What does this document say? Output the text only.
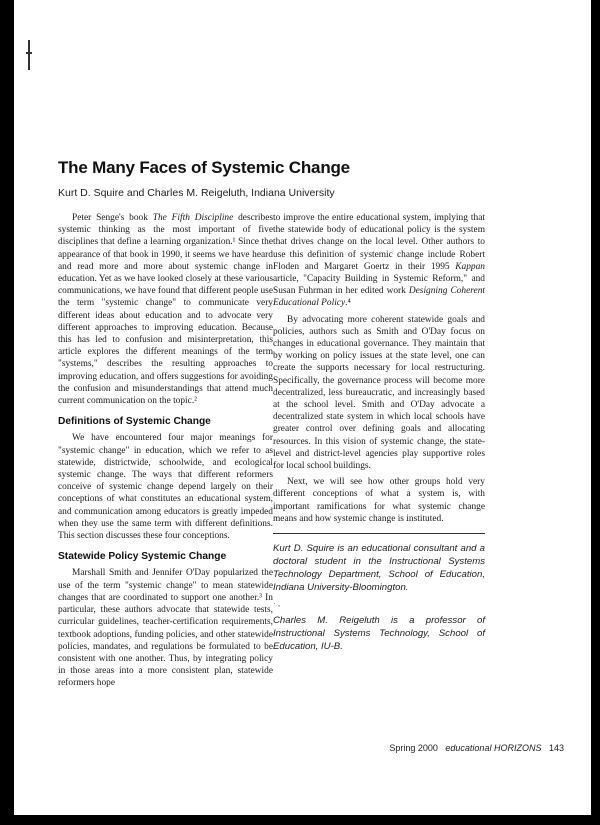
The Many Faces of Systemic Change

Kurt D. Squire and Charles M. Reigeluth, Indiana University

Peter Senge's book The Fifth Discipline describes systemic thinking as the most important of five disciplines that define a learning organization.¹ Since the appearance of that book in 1990, it seems we have heard and read more and more about systemic change in education. Yet as we have looked closely at these various communications, we have found that different people use the term "systemic change" to communicate very different ideas about education and to advocate very different approaches to improving education. Because this has led to confusion and misinterpretation, this article explores the different meanings of the term "systems," describes the resulting approaches to improving education, and offers suggestions for avoiding the confusion and misunderstandings that attend much current communication on the topic.²

Definitions of Systemic Change

We have encountered four major meanings for "systemic change" in education, which we refer to as statewide, districtwide, schoolwide, and ecological systemic change. The ways that different reformers conceive of systemic change depend largely on their conceptions of what constitutes an educational system, and communication among educators is greatly impeded when they use the same term with different definitions. This section discusses these four conceptions.

Statewide Policy Systemic Change

Marshall Smith and Jennifer O'Day popularized the use of the term "systemic change" to mean statewide changes that are coordinated to support one another.³ In particular, these authors advocate that statewide tests, curricular guidelines, teacher-certification requirements, textbook adoptions, funding policies, and other statewide policies, mandates, and regulations be formulated to be consistent with one another. Thus, by integrating policy in those areas into a more consistent plan, statewide reformers hope

to improve the entire educational system, implying that the statewide body of educational policy is the system that drives change on the local level. Other authors to use this definition of systemic change include Robert Floden and Margaret Goertz in their 1995 Kappan article, "Capacity Building in Systemic Reform," and Susan Fuhrman in her edited work Designing Coherent Educational Policy.⁴

By advocating more coherent statewide goals and policies, authors such as Smith and O'Day focus on changes in educational governance. They maintain that by working on policy issues at the state level, one can create the supports necessary for local restructuring. Specifically, the governance process will become more decentralized, less bureaucratic, and increasingly based at the school level. Smith and O'Day advocate a decentralized state system in which local schools have greater control over defining goals and allocating resources. In this vision of systemic change, the state-level and district-level agencies play supportive roles for local school buildings.

Next, we will see how other groups hold very different conceptions of what a system is, with important ramifications for what systemic change means and how systemic change is instituted.

Kurt D. Squire is an educational consultant and a doctoral student in the Instructional Systems Technology Department, School of Education, Indiana University-Bloomington.

· ,

Charles M. Reigeluth is a professor of Instructional Systems Technology, School of Education, IU-B.

Spring 2000 educational HORIZONS 143
